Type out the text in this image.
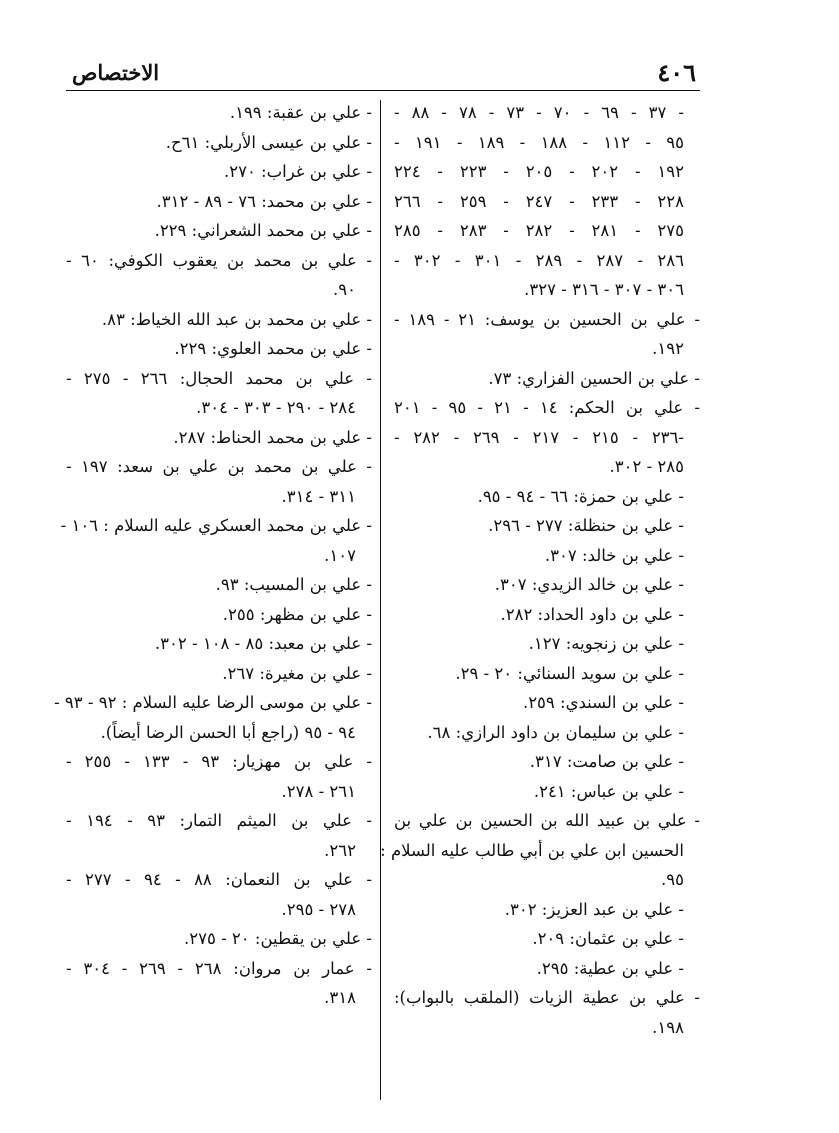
٤٠٦
الاختصاص
- ٣٧ - ٦٩ - ٧٠ - ٧٣ - ٧٨ - ٨٨ -
٩٥ - ١١٢ - ١٨٨ - ١٨٩ - ١٩١ -
١٩٢ - ٢٠٢ - ٢٠٥ - ٢٢٣ - ٢٢٤
٢٢٨ - ٢٣٣ - ٢٤٧ - ٢٥٩ - ٢٦٦
٢٧٥ - ٢٨١ - ٢٨٢ - ٢٨٣ - ٢٨٥
٢٨٦ - ٢٨٧ - ٢٨٩ - ٣٠١ - ٣٠٢ -
٣٠٦ - ٣٠٧ - ٣١٦ - ٣٢٧.
- علي بن الحسين بن يوسف: ٢١ - ١٨٩ -
١٩٢.
- علي بن الحسين الفزاري: ٧٣.
- علي بن الحكم: ١٤ - ٢١ - ٩٥ - ٢٠١
-٢٣٦ - ٢١٥ - ٢١٧ - ٢٦٩ - ٢٨٢ -
٢٨٥ - ٣٠٢.
- علي بن حمزة: ٦٦ - ٩٤ - ٩٥.
- علي بن حنظلة: ٢٧٧ - ٢٩٦.
- علي بن خالد: ٣٠٧.
- علي بن خالد الزيدي: ٣٠٧.
- علي بن داود الحداد: ٢٨٢.
- علي بن زنجويه: ١٢٧.
- علي بن سويد السنائي: ٢٠ - ٢٩.
- علي بن السندي: ٢٥٩.
- علي بن سليمان بن داود الرازي: ٦٨.
- علي بن صامت: ٣١٧.
- علي بن عباس: ٢٤١.
- علي بن عبيد الله بن الحسين بن علي بن
الحسين ابن علي بن أبي طالب عليه السلام :
٩٥.
- علي بن عبد العزيز: ٣٠٢.
- علي بن عثمان: ٢٠٩.
- علي بن عطية: ٢٩٥.
- علي بن عطية الزيات (الملقب بالبواب):
١٩٨.
- علي بن عقبة: ١٩٩.
- علي بن عيسى الأربلي: ٦١ح.
- علي بن غراب: ٢٧٠.
- علي بن محمد: ٧٦ - ٨٩ - ٣١٢.
- علي بن محمد الشعراني: ٢٢٩.
- علي بن محمد بن يعقوب الكوفي: ٦٠ -
٩٠.
- علي بن محمد بن عبد الله الخياط: ٨٣.
- علي بن محمد العلوي: ٢٢٩.
- علي بن محمد الحجال: ٢٦٦ - ٢٧٥ -
٢٨٤ - ٢٩٠ - ٣٠٣ - ٣٠٤.
- علي بن محمد الحناط: ٢٨٧.
- علي بن محمد بن علي بن سعد: ١٩٧ -
٣١١ - ٣١٤.
- علي بن محمد العسكري عليه السلام : ١٠٦ -
١٠٧.
- علي بن المسيب: ٩٣.
- علي بن مظهر: ٢٥٥.
- علي بن معبد: ٨٥ - ١٠٨ - ٣٠٢.
- علي بن مغيرة: ٢٦٧.
- علي بن موسى الرضا عليه السلام : ٩٢ - ٩٣ -
٩٤ - ٩٥ (راجع أبا الحسن الرضا أيضاً).
- علي بن مهزيار: ٩٣ - ١٣٣ - ٢٥٥ -
٢٦١ - ٢٧٨.
- علي بن الميثم التمار: ٩٣ - ١٩٤ -
٢٦٢.
- علي بن النعمان: ٨٨ - ٩٤ - ٢٧٧ -
٢٧٨ - ٢٩٥.
- علي بن يقطين: ٢٠ - ٢٧٥.
- عمار بن مروان: ٢٦٨ - ٢٦٩ - ٣٠٤ -
٣١٨.
